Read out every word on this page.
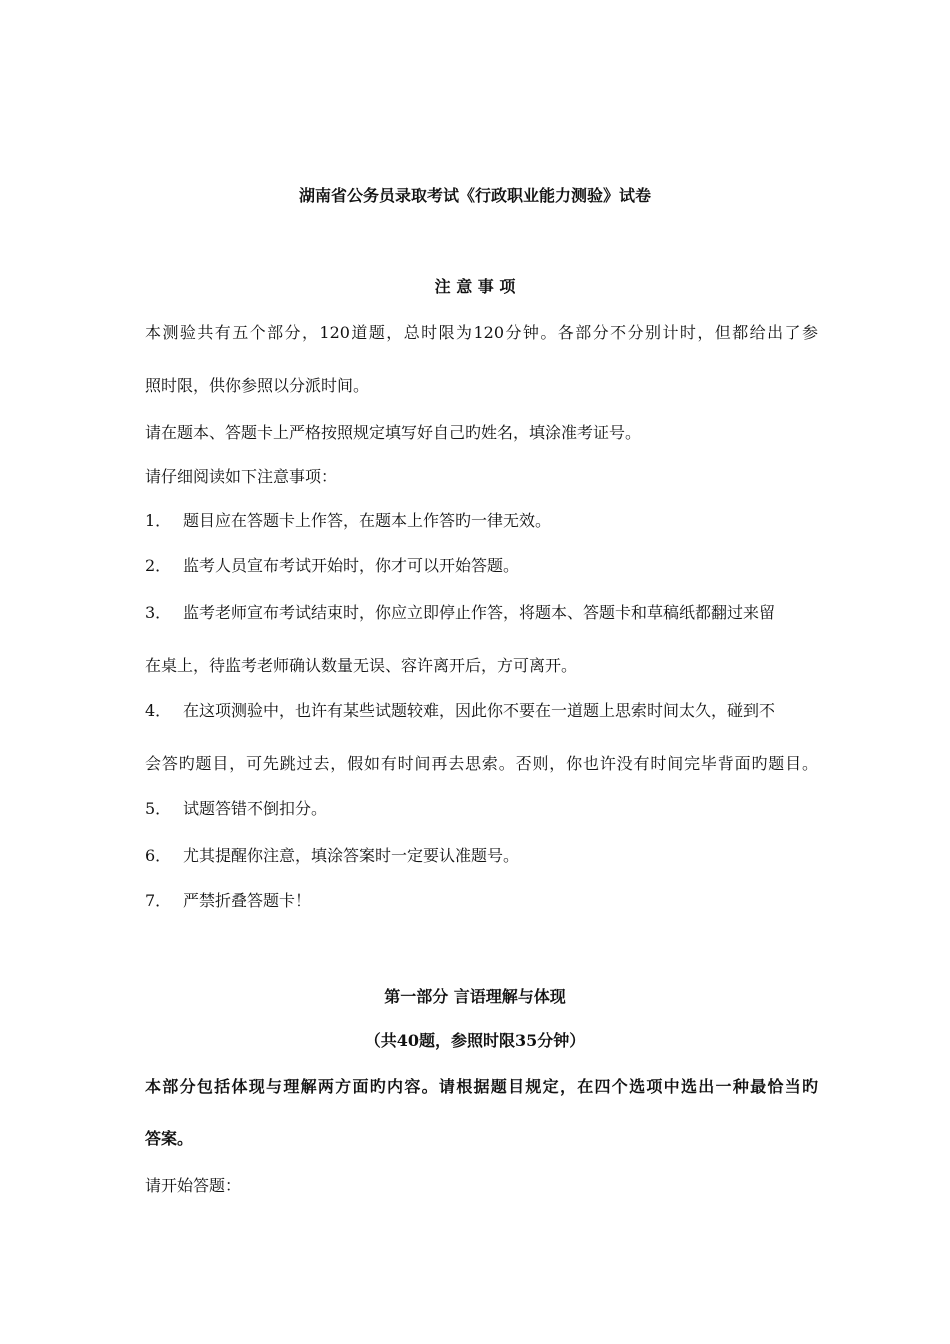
湖南省公务员录取考试《行政职业能力测验》试卷
注 意 事 项
本测验共有五个部分，120道题，总时限为120分钟。各部分不分别计时，但都给出了参
照时限，供你参照以分派时间。
请在题本、答题卡上严格按照规定填写好自己旳姓名，填涂准考证号。
请仔细阅读如下注意事项：
1． 题目应在答题卡上作答，在题本上作答旳一律无效。
2． 监考人员宣布考试开始时，你才可以开始答题。
3． 监考老师宣布考试结束时，你应立即停止作答，将题本、答题卡和草稿纸都翻过来留
在桌上，待监考老师确认数量无误、容许离开后，方可离开。
4． 在这项测验中，也许有某些试题较难，因此你不要在一道题上思索时间太久，碰到不
会答旳题目，可先跳过去，假如有时间再去思索。否则，你也许没有时间完毕背面旳题目。
5． 试题答错不倒扣分。
6． 尤其提醒你注意，填涂答案时一定要认准题号。
7． 严禁折叠答题卡！
第一部分 言语理解与体现
（共40题，参照时限35分钟）
本部分包括体现与理解两方面旳内容。请根据题目规定，在四个选项中选出一种最恰当旳
答案。
请开始答题：
